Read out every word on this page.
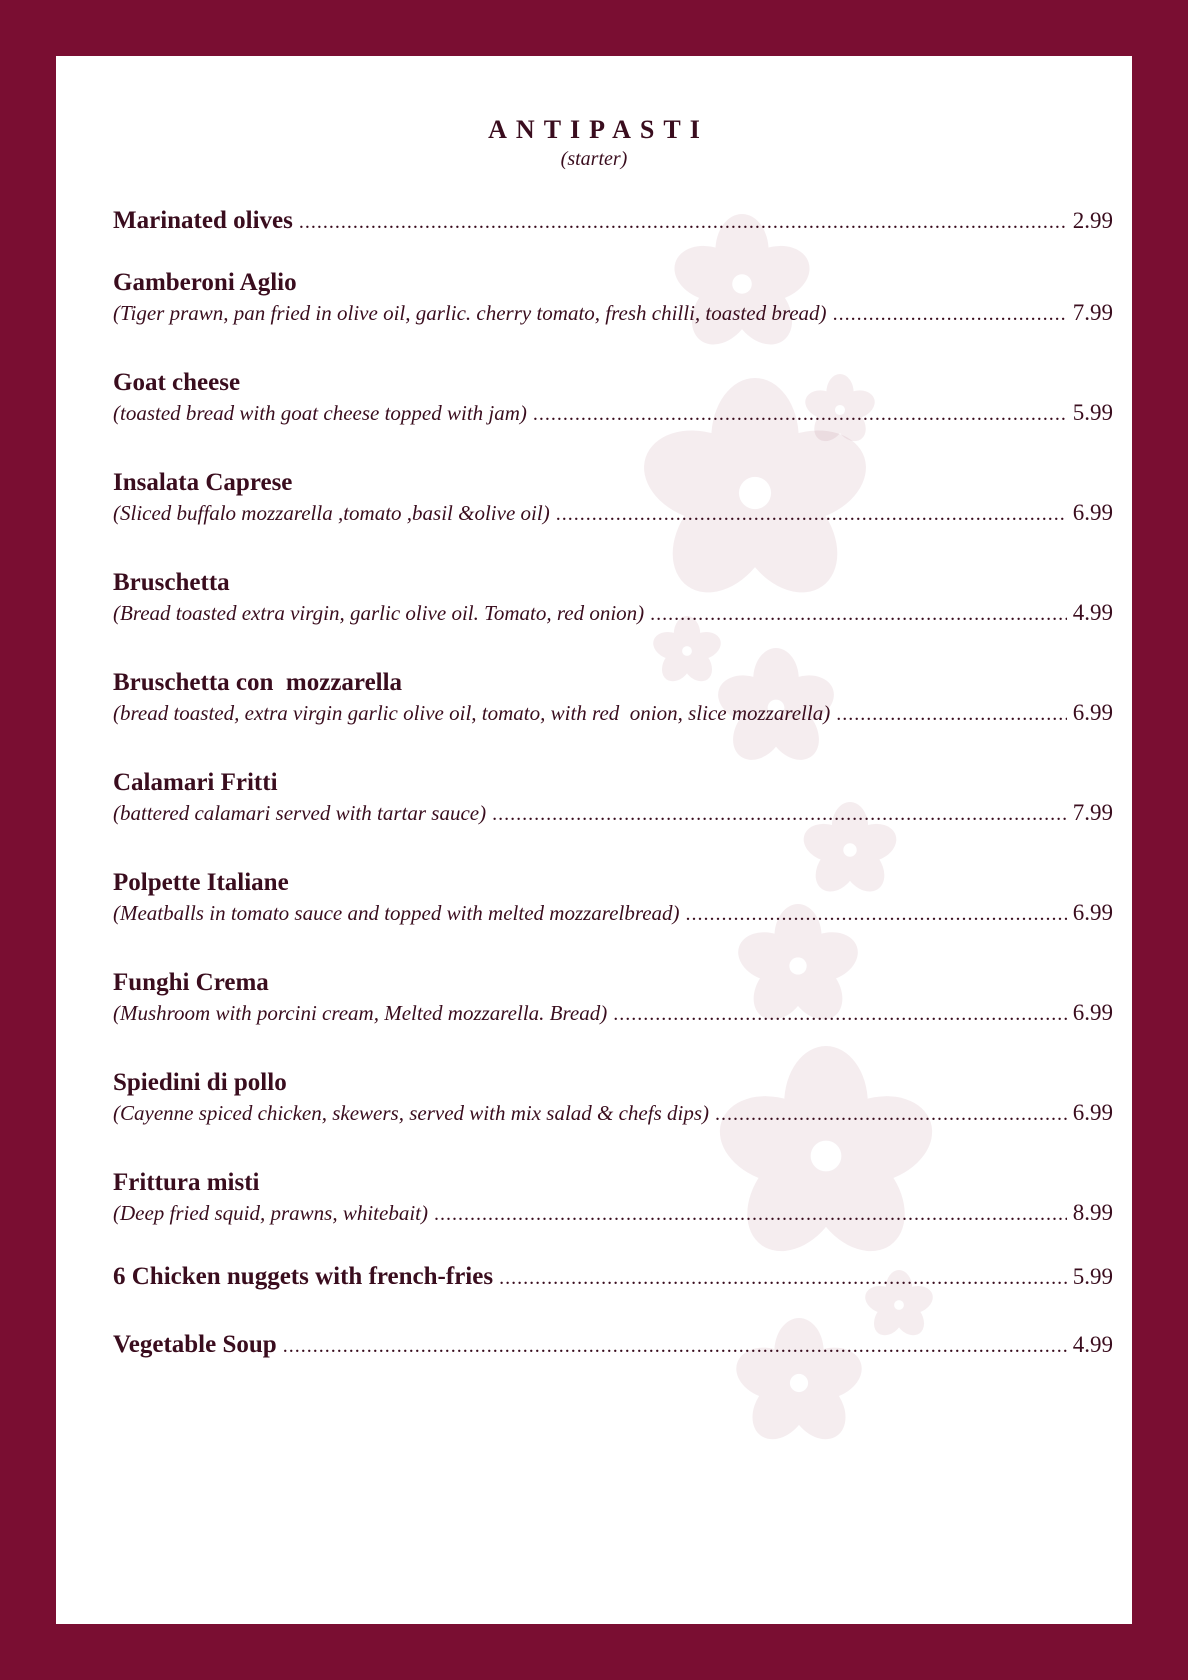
ANTIPASTI
(starter)
Marinated olives .....	2.99
Gamberoni Aglio
(Tiger prawn, pan fried in olive oil, garlic. cherry tomato, fresh chilli, toasted bread) .....	7.99
Goat cheese
(toasted bread with goat cheese topped with jam) .....	5.99
Insalata Caprese
(Sliced buffalo mozzarella ,tomato ,basil &olive oil) .....	6.99
Bruschetta
(Bread toasted extra virgin, garlic olive oil. Tomato, red onion) .....	4.99
Bruschetta con  mozzarella
(bread toasted, extra virgin garlic olive oil, tomato, with red  onion, slice mozzarella) .....	6.99
Calamari Fritti
(battered calamari served with tartar sauce) .....	7.99
Polpette Italiane
(Meatballs in tomato sauce and topped with melted mozzarelbread) .....	6.99
Funghi Crema
(Mushroom with porcini cream, Melted mozzarella. Bread) .....	6.99
Spiedini di pollo
(Cayenne spiced chicken, skewers, served with mix salad & chefs dips) .....	6.99
Frittura misti
(Deep fried squid, prawns, whitebait) .....	8.99
6 Chicken nuggets with french-fries .....	5.99
Vegetable Soup .....	4.99
